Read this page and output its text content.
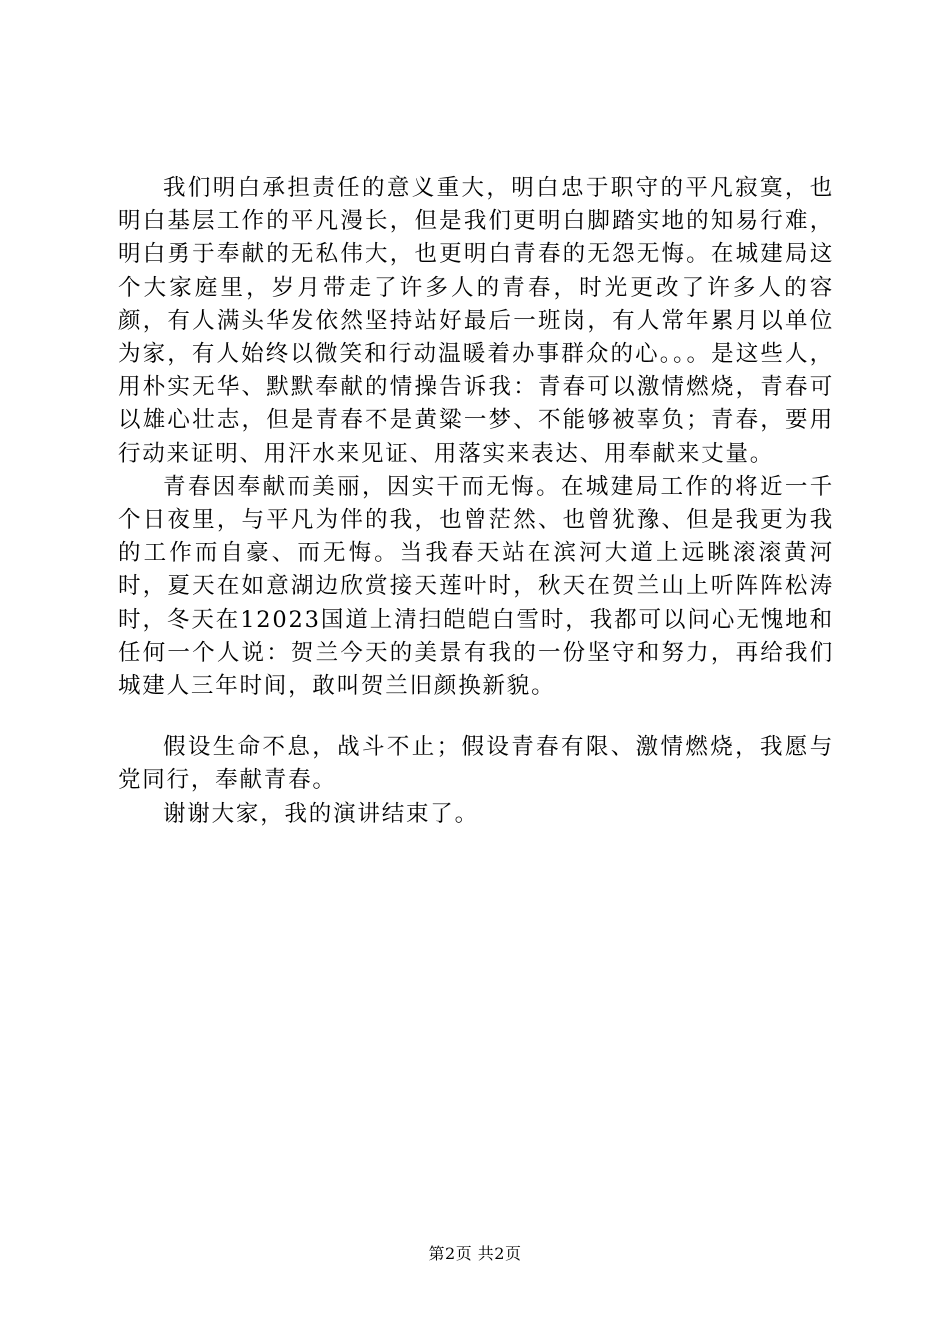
我们明白承担责任的意义重大，明白忠于职守的平凡寂寞，也明白基层工作的平凡漫长，但是我们更明白脚踏实地的知易行难，明白勇于奉献的无私伟大，也更明白青春的无怨无悔。在城建局这个大家庭里，岁月带走了许多人的青春，时光更改了许多人的容颜，有人满头华发依然坚持站好最后一班岗，有人常年累月以单位为家，有人始终以微笑和行动温暖着办事群众的心。。。是这些人，用朴实无华、默默奉献的情操告诉我：青春可以激情燃烧，青春可以雄心壮志，但是青春不是黄粱一梦、不能够被辜负；青春，要用行动来证明、用汗水来见证、用落实来表达、用奉献来丈量。

青春因奉献而美丽，因实干而无悔。在城建局工作的将近一千个日夜里，与平凡为伴的我，也曾茫然、也曾犹豫、但是我更为我的工作而自豪、而无悔。当我春天站在滨河大道上远眺滚滚黄河时，夏天在如意湖边欣赏接天莲叶时，秋天在贺兰山上听阵阵松涛时，冬天在12023国道上清扫皑皑白雪时，我都可以问心无愧地和任何一个人说：贺兰今天的美景有我的一份坚守和努力，再给我们城建人三年时间，敢叫贺兰旧颜换新貌。

假设生命不息，战斗不止；假设青春有限、激情燃烧，我愿与党同行，奉献青春。

谢谢大家，我的演讲结束了。

第2页 共2页
